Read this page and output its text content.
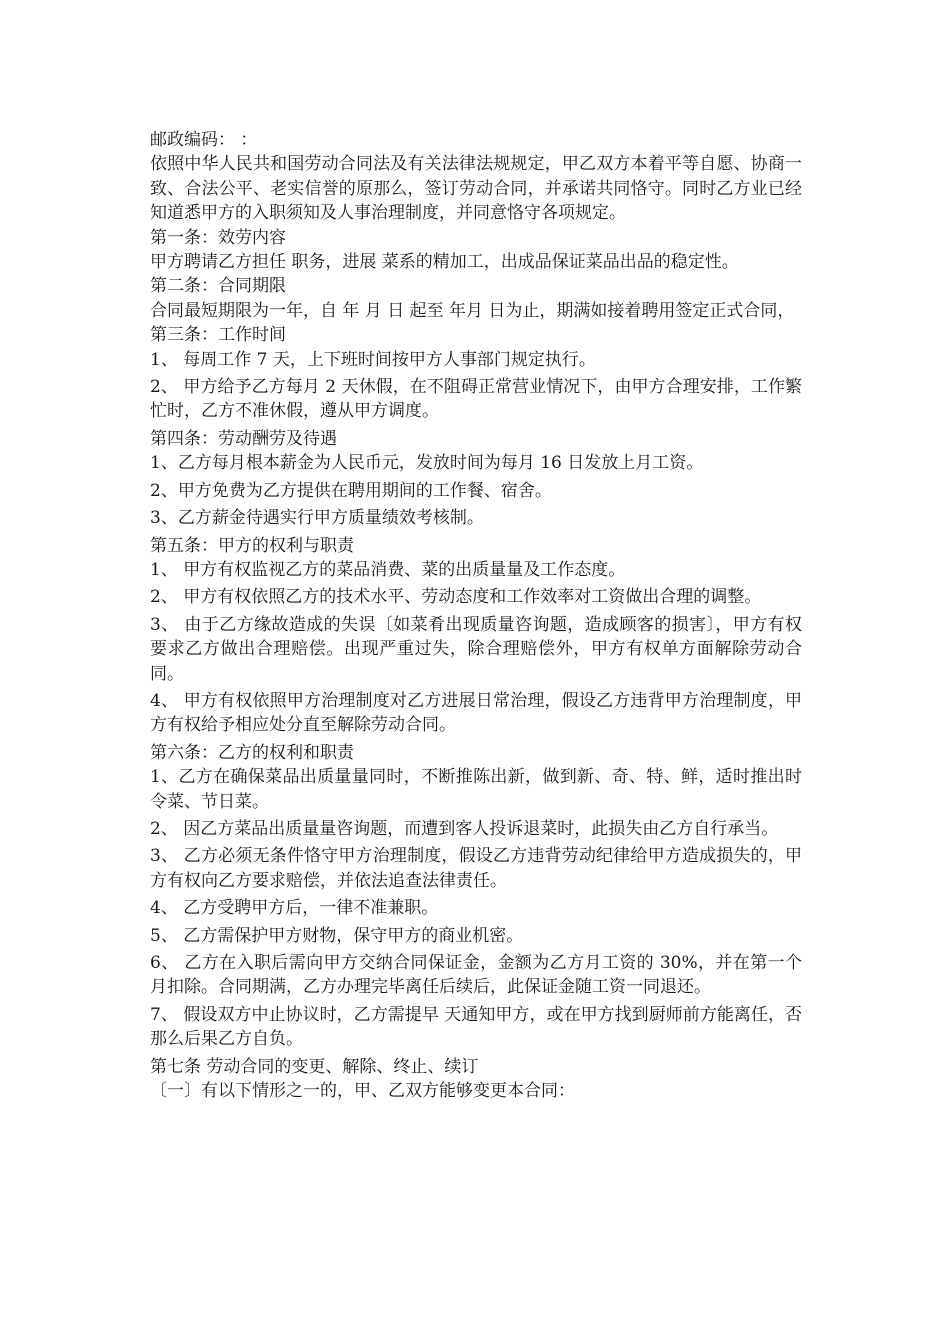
邮政编码： ：

依照中华人民共和国劳动合同法及有关法律法规规定，甲乙双方本着平等自愿、协商一致、合法公平、老实信誉的原那么，签订劳动合同，并承诺共同恪守。同时乙方业已经知道悉甲方的入职须知及人事治理制度，并同意恪守各项规定。

第一条：效劳内容

甲方聘请乙方担任 职务，进展 菜系的精加工，出成品保证菜品出品的稳定性。

第二条：合同期限

合同最短期限为一年，自 年 月 日 起至 年月 日为止，期满如接着聘用签定正式合同，

第三条：工作时间

1、 每周工作 7 天，上下班时间按甲方人事部门规定执行。

2、 甲方给予乙方每月 2 天休假，在不阻碍正常营业情况下，由甲方合理安排，工作繁忙时，乙方不准休假，遵从甲方调度。

第四条：劳动酬劳及待遇

1、乙方每月根本薪金为人民币元，发放时间为每月 16 日发放上月工资。

2、甲方免费为乙方提供在聘用期间的工作餐、宿舍。

3、乙方薪金待遇实行甲方质量绩效考核制。

第五条：甲方的权利与职责

1、 甲方有权监视乙方的菜品消费、菜的出质量量及工作态度。

2、 甲方有权依照乙方的技术水平、劳动态度和工作效率对工资做出合理的调整。

3、 由于乙方缘故造成的失误〔如菜肴出现质量咨询题，造成顾客的损害〕，甲方有权要求乙方做出合理赔偿。出现严重过失，除合理赔偿外，甲方有权单方面解除劳动合同。

4、 甲方有权依照甲方治理制度对乙方进展日常治理，假设乙方违背甲方治理制度，甲方有权给予相应处分直至解除劳动合同。

第六条：乙方的权利和职责

1、乙方在确保菜品出质量量同时，不断推陈出新，做到新、奇、特、鲜，适时推出时令菜、节日菜。

2、 因乙方菜品出质量量咨询题，而遭到客人投诉退菜时，此损失由乙方自行承当。

3、 乙方必须无条件恪守甲方治理制度，假设乙方违背劳动纪律给甲方造成损失的，甲方有权向乙方要求赔偿，并依法追查法律责任。

4、 乙方受聘甲方后，一律不准兼职。

5、 乙方需保护甲方财物，保守甲方的商业机密。

6、 乙方在入职后需向甲方交纳合同保证金，金额为乙方月工资的 30%，并在第一个月扣除。合同期满，乙方办理完毕离任后续后，此保证金随工资一同退还。

7、 假设双方中止协议时，乙方需提早 天通知甲方，或在甲方找到厨师前方能离任，否那么后果乙方自负。

第七条 劳动合同的变更、解除、终止、续订

〔一〕有以下情形之一的，甲、乙双方能够变更本合同：
